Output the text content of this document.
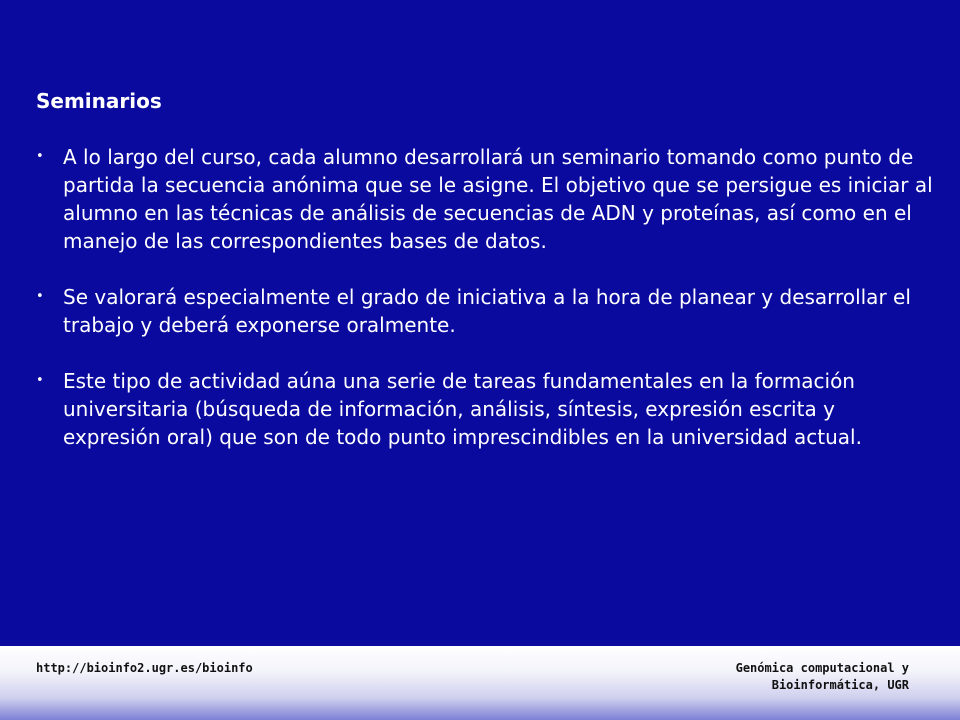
Seminarios
• A lo largo del curso, cada alumno desarrollará un seminario tomando como punto de partida la secuencia anónima que se le asigne. El objetivo que se persigue es iniciar al alumno en las técnicas de análisis de secuencias de ADN y proteínas, así como en el manejo de las correspondientes bases de datos.
• Se valorará especialmente el grado de iniciativa a la hora de planear y desarrollar el trabajo y deberá exponerse oralmente.
• Este tipo de actividad aúna una serie de tareas fundamentales en la formación universitaria (búsqueda de información, análisis, síntesis, expresión escrita y expresión oral) que son de todo punto imprescindibles en la universidad actual.
http://bioinfo2.ugr.es/bioinfo	Genómica computacional y
Bioinformática, UGR
